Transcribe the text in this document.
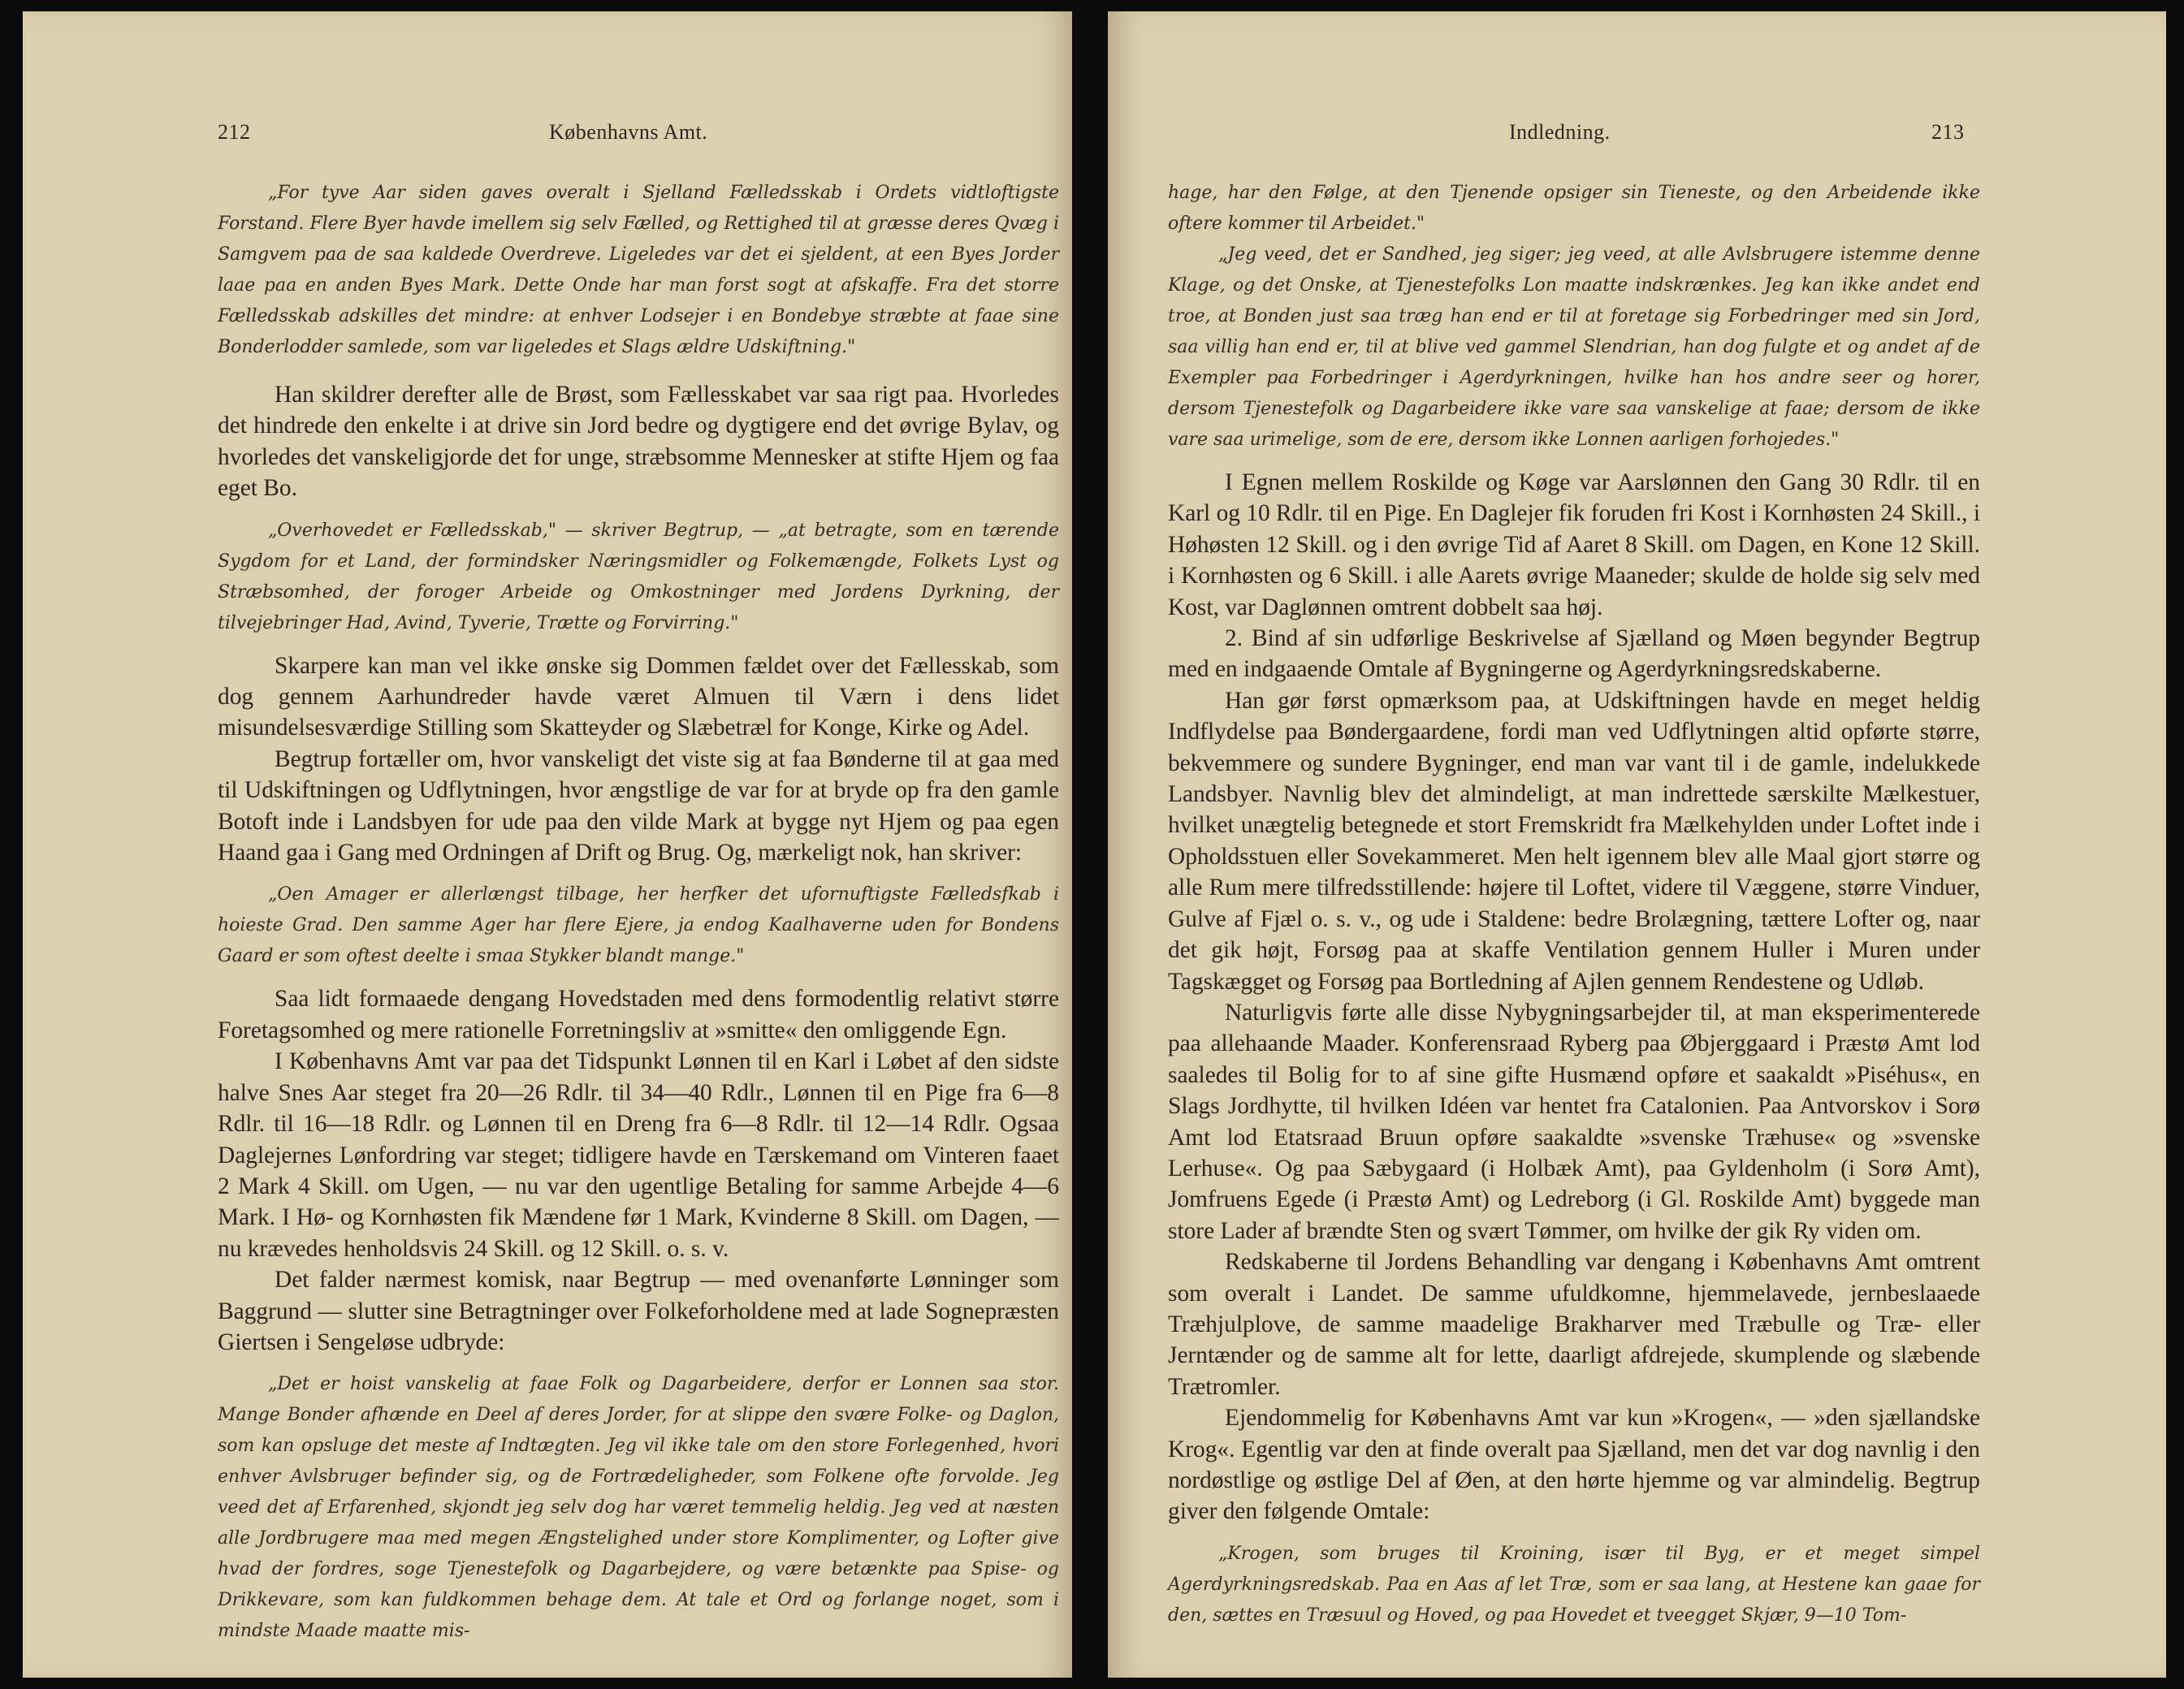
212	Københavns Amt.

„For tyve Aar siden gaves overalt i Sjelland Fælledsskab i Ordets vidtloftigste Forstand. Flere Byer havde imellem sig selv Fælled, og Rettighed til at græsse deres Qvæg i Samgvem paa de saa kaldede Overdreve. Ligeledes var det ei sjeldent, at een Byes Jorder laae paa en anden Byes Mark. Dette Onde har man forst sogt at afskaffe. Fra det storre Fælledsskab adskilles det mindre: at enhver Lodsejer i en Bondebye stræbte at faae sine Bonderlodder samlede, som var ligeledes et Slags ældre Udskiftning."

Han skildrer derefter alle de Brøst, som Fællesskabet var saa rigt paa. Hvorledes det hindrede den enkelte i at drive sin Jord bedre og dygtigere end det øvrige Bylav, og hvorledes det vanskeligjorde det for unge, stræbsomme Mennesker at stifte Hjem og faa eget Bo.

„Overhovedet er Fælledsskab," — skriver Begtrup, — „at betragte, som en tærende Sygdom for et Land, der formindsker Næringsmidler og Folkemængde, Folkets Lyst og Stræbsomhed, der foroger Arbeide og Omkostninger med Jordens Dyrkning, der tilvejebringer Had, Avind, Tyverie, Trætte og Forvirring."

Skarpere kan man vel ikke ønske sig Dommen fældet over det Fællesskab, som dog gennem Aarhundreder havde været Almuen til Værn i dens lidet misundelsesværdige Stilling som Skatteyder og Slæbetræl for Konge, Kirke og Adel.

Begtrup fortæller om, hvor vanskeligt det viste sig at faa Bønderne til at gaa med til Udskiftningen og Udflytningen, hvor ængstlige de var for at bryde op fra den gamle Botoft inde i Landsbyen for ude paa den vilde Mark at bygge nyt Hjem og paa egen Haand gaa i Gang med Ordningen af Drift og Brug. Og, mærkeligt nok, han skriver:

„Oen Amager er allerlængst tilbage, her herfker det ufornuftigste Fælledsfkab i hoieste Grad. Den samme Ager har flere Ejere, ja endog Kaalhaverne uden for Bondens Gaard er som oftest deelte i smaa Stykker blandt mange."

Saa lidt formaaede dengang Hovedstaden med dens formodentlig relativt større Foretagsomhed og mere rationelle Forretningsliv at »smitte« den omliggende Egn.

I Københavns Amt var paa det Tidspunkt Lønnen til en Karl i Løbet af den sidste halve Snes Aar steget fra 20—26 Rdlr. til 34—40 Rdlr., Lønnen til en Pige fra 6—8 Rdlr. til 16—18 Rdlr. og Lønnen til en Dreng fra 6—8 Rdlr. til 12—14 Rdlr. Ogsaa Daglejernes Lønfordring var steget; tidligere havde en Tærskemand om Vinteren faaet 2 Mark 4 Skill. om Ugen, — nu var den ugentlige Betaling for samme Arbejde 4—6 Mark. I Hø- og Kornhøsten fik Mændene før 1 Mark, Kvinderne 8 Skill. om Dagen, — nu krævedes henholdsvis 24 Skill. og 12 Skill. o. s. v.

Det falder nærmest komisk, naar Begtrup — med ovenanførte Lønninger som Baggrund — slutter sine Betragtninger over Folkeforholdene med at lade Sognepræsten Giertsen i Sengeløse udbryde:

„Det er hoist vanskelig at faae Folk og Dagarbeidere, derfor er Lonnen saa stor. Mange Bonder afhænde en Deel af deres Jorder, for at slippe den svære Folke- og Daglon, som kan opsluge det meste af Indtægten. Jeg vil ikke tale om den store Forlegenhed, hvori enhver Avlsbruger befinder sig, og de Fortrædeligheder, som Folkene ofte forvolde. Jeg veed det af Erfarenhed, skjondt jeg selv dog har været temmelig heldig. Jeg ved at næsten alle Jordbrugere maa med megen Ængstelighed under store Komplimenter, og Lofter give hvad der fordres, soge Tjenestefolk og Dagarbejdere, og være betænkte paa Spise- og Drikkevare, som kan fuldkommen behage dem. At tale et Ord og forlange noget, som i mindste Maade maatte mis-

Indledning.	213

hage, har den Følge, at den Tjenende opsiger sin Tieneste, og den Arbeidende ikke oftere kommer til Arbeidet."

„Jeg veed, det er Sandhed, jeg siger; jeg veed, at alle Avlsbrugere istemme denne Klage, og det Onske, at Tjenestefolks Lon maatte indskrænkes. Jeg kan ikke andet end troe, at Bonden just saa træg han end er til at foretage sig Forbedringer med sin Jord, saa villig han end er, til at blive ved gammel Slendrian, han dog fulgte et og andet af de Exempler paa Forbedringer i Agerdyrkningen, hvilke han hos andre seer og horer, dersom Tjenestefolk og Dagarbeidere ikke vare saa vanskelige at faae; dersom de ikke vare saa urimelige, som de ere, dersom ikke Lonnen aarligen forhojedes."

I Egnen mellem Roskilde og Køge var Aarslønnen den Gang 30 Rdlr. til en Karl og 10 Rdlr. til en Pige. En Daglejer fik foruden fri Kost i Kornhøsten 24 Skill., i Høhøsten 12 Skill. og i den øvrige Tid af Aaret 8 Skill. om Dagen, en Kone 12 Skill. i Kornhøsten og 6 Skill. i alle Aarets øvrige Maaneder; skulde de holde sig selv med Kost, var Daglønnen omtrent dobbelt saa høj.

2. Bind af sin udførlige Beskrivelse af Sjælland og Møen begynder Begtrup med en indgaaende Omtale af Bygningerne og Agerdyrkningsredskaberne.

Han gør først opmærksom paa, at Udskiftningen havde en meget heldig Indflydelse paa Bøndergaardene, fordi man ved Udflytningen altid opførte større, bekvemmere og sundere Bygninger, end man var vant til i de gamle, indelukkede Landsbyer. Navnlig blev det almindeligt, at man indrettede særskilte Mælkestuer, hvilket unægtelig betegnede et stort Fremskridt fra Mælkehylden under Loftet inde i Opholdsstuen eller Sovekammeret. Men helt igennem blev alle Maal gjort større og alle Rum mere tilfredsstillende: højere til Loftet, videre til Væggene, større Vinduer, Gulve af Fjæl o. s. v., og ude i Staldene: bedre Brolægning, tættere Lofter og, naar det gik højt, Forsøg paa at skaffe Ventilation gennem Huller i Muren under Tagskægget og Forsøg paa Bortledning af Ajlen gennem Rendestene og Udløb.

Naturligvis førte alle disse Nybygningsarbejder til, at man eksperimenterede paa allehaande Maader. Konferensraad Ryberg paa Øbjerggaard i Præstø Amt lod saaledes til Bolig for to af sine gifte Husmænd opføre et saakaldt »Piséhus«, en Slags Jordhytte, til hvilken Idéen var hentet fra Catalonien. Paa Antvorskov i Sorø Amt lod Etatsraad Bruun opføre saakaldte »svenske Træhuse« og »svenske Lerhuse«. Og paa Sæbygaard (i Holbæk Amt), paa Gyldenholm (i Sorø Amt), Jomfruens Egede (i Præstø Amt) og Ledreborg (i Gl. Roskilde Amt) byggede man store Lader af brændte Sten og svært Tømmer, om hvilke der gik Ry viden om.

Redskaberne til Jordens Behandling var dengang i Københavns Amt omtrent som overalt i Landet. De samme ufuldkomne, hjemmelavede, jernbeslaaede Træhjulplove, de samme maadelige Brakharver med Træbulle og Træ- eller Jerntænder og de samme alt for lette, daarligt afdrejede, skumplende og slæbende Trætromler.

Ejendommelig for Københavns Amt var kun »Krogen«, — »den sjællandske Krog«. Egentlig var den at finde overalt paa Sjælland, men det var dog navnlig i den nordøstlige og østlige Del af Øen, at den hørte hjemme og var almindelig. Begtrup giver den følgende Omtale:

„Krogen, som bruges til Kroining, især til Byg, er et meget simpel Agerdyrkningsredskab. Paa en Aas af let Træ, som er saa lang, at Hestene kan gaae for den, sættes en Træsuul og Hoved, og paa Hovedet et tveegget Skjær, 9—10 Tom-
